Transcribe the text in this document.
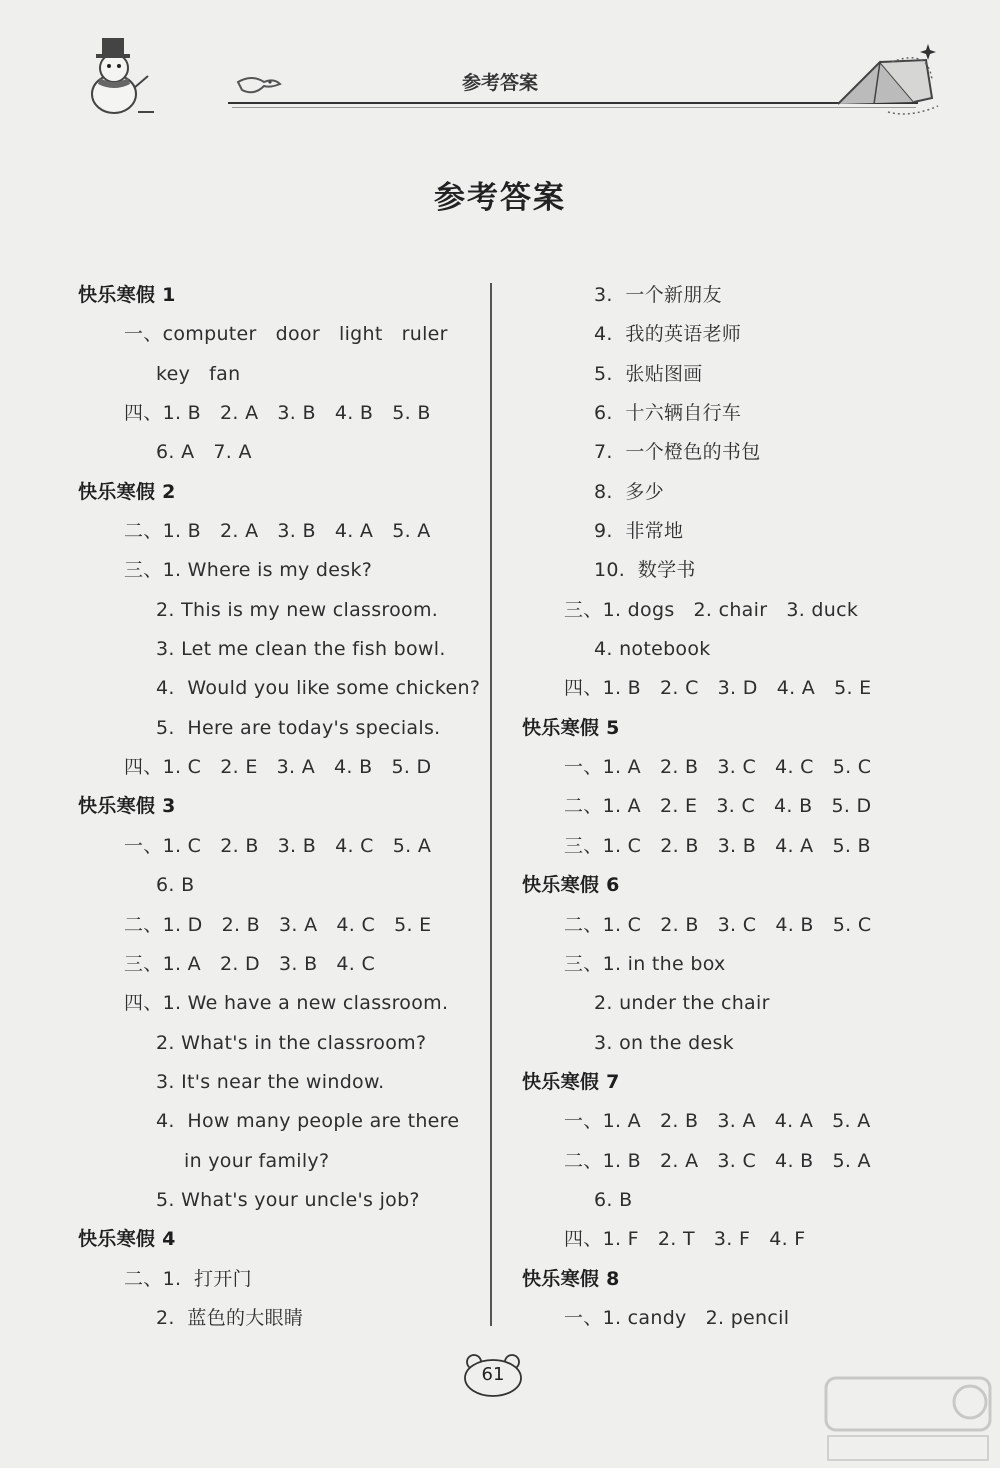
参考答案
参考答案
快乐寒假 1
一、computer   door   light   ruler
key   fan
四、1. B   2. A   3. B   4. B   5. B
6. A   7. A
快乐寒假 2
二、1. B   2. A   3. B   4. A   5. A
三、1. Where is my desk?
2. This is my new classroom.
3. Let me clean the fish bowl.
4.  Would you like some chicken?
5.  Here are today's specials.
四、1. C   2. E   3. A   4. B   5. D
快乐寒假 3
一、1. C   2. B   3. B   4. C   5. A
6. B
二、1. D   2. B   3. A   4. C   5. E
三、1. A   2. D   3. B   4. C
四、1. We have a new classroom.
2. What's in the classroom?
3. It's near the window.
4.  How many people are there
in your family?
5. What's your uncle's job?
快乐寒假 4
二、1.  打开门
2.  蓝色的大眼睛
3.  一个新朋友
4.  我的英语老师
5.  张贴图画
6.  十六辆自行车
7.  一个橙色的书包
8.  多少
9.  非常地
10.  数学书
三、1. dogs   2. chair   3. duck
4. notebook
四、1. B   2. C   3. D   4. A   5. E
快乐寒假 5
一、1. A   2. B   3. C   4. C   5. C
二、1. A   2. E   3. C   4. B   5. D
三、1. C   2. B   3. B   4. A   5. B
快乐寒假 6
二、1. C   2. B   3. C   4. B   5. C
三、1. in the box
2. under the chair
3. on the desk
快乐寒假 7
一、1. A   2. B   3. A   4. A   5. A
二、1. B   2. A   3. C   4. B   5. A
6. B
四、1. F   2. T   3. F   4. F
快乐寒假 8
一、1. candy   2. pencil
61
